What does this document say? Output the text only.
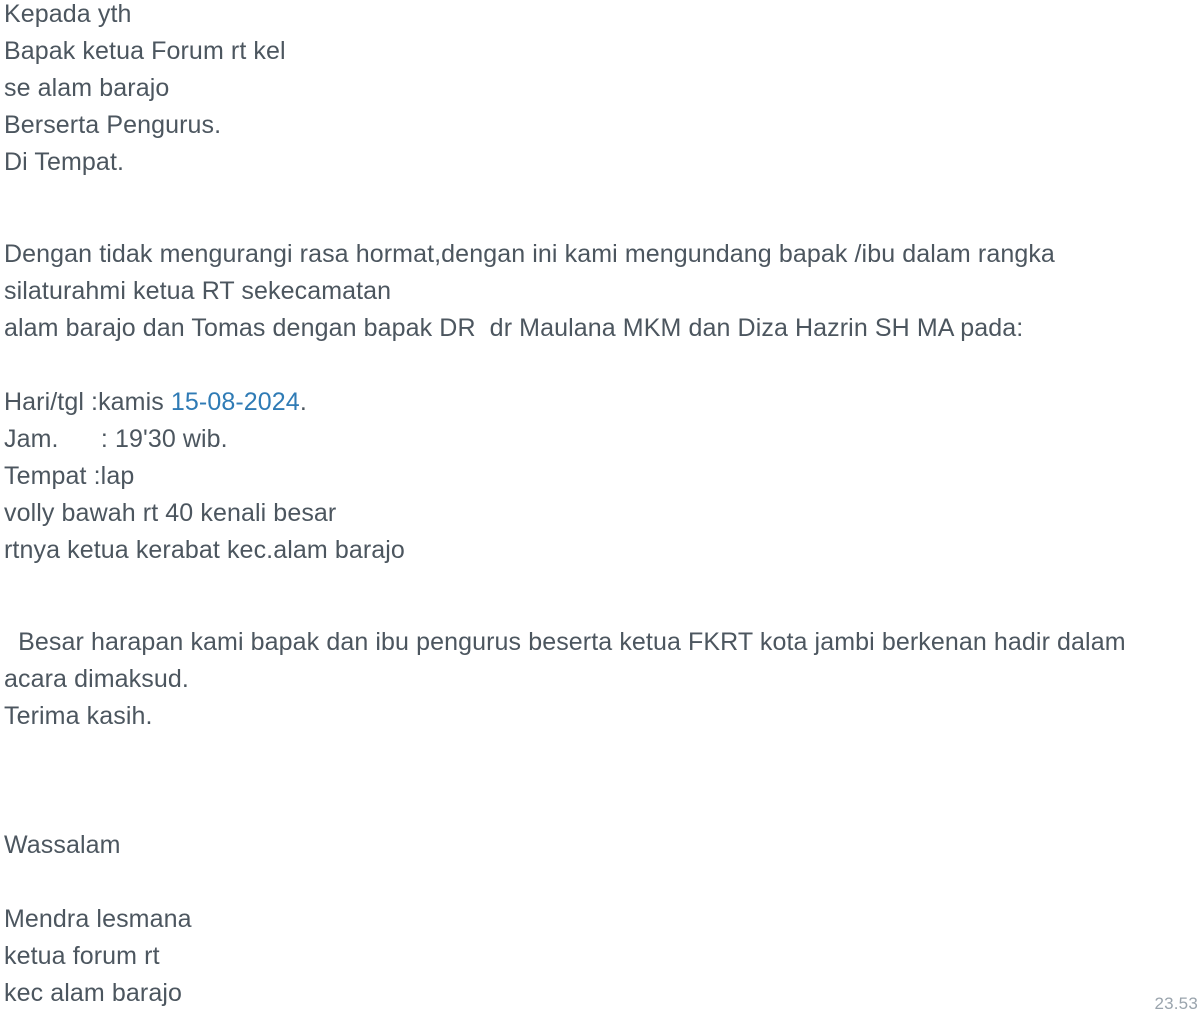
Kepada yth
Bapak ketua Forum rt kel
se alam barajo
Berserta Pengurus.
Di Tempat.
Dengan tidak mengurangi rasa hormat,dengan ini kami mengundang bapak /ibu dalam rangka
silaturahmi ketua RT sekecamatan
alam barajo dan Tomas dengan bapak DR  dr Maulana MKM dan Diza Hazrin SH MA pada:
Hari/tgl :kamis 15-08-2024.
Jam.      : 19'30 wib.
Tempat :lap
volly bawah rt 40 kenali besar
rtnya ketua kerabat kec.alam barajo
Besar harapan kami bapak dan ibu pengurus beserta ketua FKRT kota jambi berkenan hadir dalam
acara dimaksud.
Terima kasih.
Wassalam
Mendra lesmana
ketua forum rt
kec alam barajo	23.53
